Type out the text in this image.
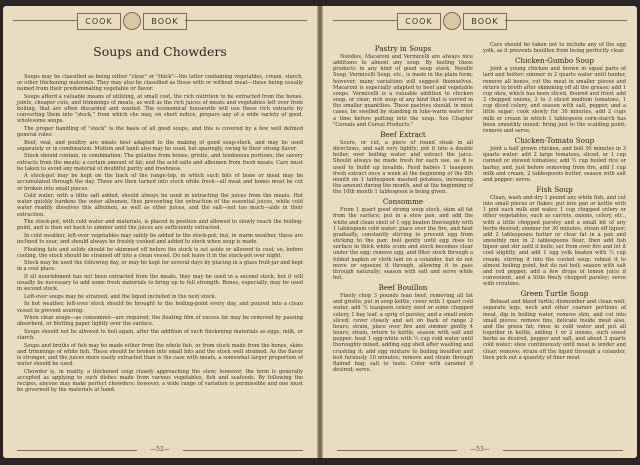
COOK	BOOK
Soups and Chowders

Soups may be classified as being either "clear" or "thick"—the latter containing vegetables, cream, starch, or other thickening materials. They may also be classified as those with or without meat—these being usually named from their predominating vegetable or flavor.

Soups afford a valuable means of utilizing, at small cost, the rich nutrition to be extracted from the bones, joints, cheaper cuts, and trimmings of meats, as well as the rich juices of meats and vegetables left over from boiling, that are often discarded and wasted. The economical housewife will use these rich extracts by converting them into "stock," from which she may, on short notice, prepare any of a wide variety of good, wholesome soups.

The proper handling of "stock" is the basis of all good soups, and this is covered by a few well defined general rules:

Beef, veal, and poultry are meats best adapted to the making of good soup-stock, and may be used separately or in combination. Mutton and lamb also may be used, but sparingly, owing to their strong flavor.

Stock should contain, in combination: The gelatine from bones, gristle, and tendonous portions; the savory extracts from the meats; a certain amount of fat; and the acid salts and albumen from fresh meats. Care must be taken to avoid any material of doubtful purity and freshness.

A stock-pot may be kept on the back of the range-top, in which such bits of bone or meat may be accumulated through the day. These are then turned into stock while fresh—all meat and bones must be cut or broken into small pieces.

Cold water, with a little salt added, should always be used in extracting the juices from the meats. Hot water quickly hardens the outer albumen, thus preventing the extraction of the essential juices, while cold water readily dissolves this albumen, as well as other juices, and the salt—not too much—aids in their extraction.

The stock-pot, with cold water and materials, is placed in position and allowed to slowly reach the boiling-point, and is then set back to simmer until the juices are sufficiently extracted.

In cold weather, left-over vegetables may safely be added to the stock-pot; but, in warm weather, these are inclined to sour, and should always be freshly cooked and added to stock when soup is made.

Floating fats and solids should be skimmed off before the stock is set aside or allowed to cool; so, before cooling, the stock should be strained off into a clean vessel. Do not leave it in the stock-pot over night.

Stock may be used the following day, or may be kept for several days by placing in a glass fruit-jar and kept in a cool place.

If all nourishment has not been extracted from the meats, they may be used in a second stock, but it will usually be necessary to add some fresh materials to bring up to full strength. Bones, especially, may be used in second stock.

Left-over soups may be strained, and the liquid included in the next stock.

In hot weather, left-over stock should be brought to the boiling-point every day, and poured into a clean vessel to prevent souring.

When clear soups—as consommé—are required, the floating film of excess fat may be removed by passing absorbent, or blotting paper lightly over the surface.

Soups should not be allowed to boil again, after the addition of such thickening materials as eggs, milk, or starch.

Soups and broths of fish may be made either from the whole fish, or from stock made from the bones, skins and trimmings of white fish. These should be broken into small bits and the stock well strained. As the flavor is stronger, and the juices more easily extracted than is the case with meats, a somewhat larger proportion of water should be used.

Chowder is, in reality, a thickened soup closely approaching the stew; however, the term is generally accepted as applying to such dishes made from various vegetables, fish and seafoods. By following the recipes, anyone may make perfect chowders; however, a wide range of variation is permissible and one must be governed by the materials at hand.

—52—
COOK	BOOK
Pastry in Soups

Noodles, Macaroni and Vermicelli are always nice additions to almost any soup. By boiling these products in any kind of good soup stock, Noodle Soup, Vermicelli Soup, etc., is made in the plain form; however, many variations will suggest themselves. Macaroni is especially adapted to beef and vegetable soups. Vermicelli is a valuable addition to chicken soup, or clear, rich soup of any kind that is served in the smaller quantities. These pastries should, in most cases, be swelled by standing in luke-warm water for a time before putting into the soup. See Chapter "Cereals and Cereal Products."

Beef Extract

Score, or cut, a piece of round steak in all directions, and salt very lightly; put it into a double boiler, over boiling water, and extract the juice. Should always be made fresh for each use, as it is used to build up invalids. Feed babies 1 teaspoon fresh extract once a week at the beginning of the 8th month on 1 tablespoon mashed potatoes, increasing the amount during the month, and at the beginning of the 10th month 1 tablespoon is being given.

Consomme

From 1 quart good strong soup stock, skim all fat from the surface; put in a stew pan, and add the white and clean shell of 1 egg beaten thoroughly with 1 tablespoon cold water; place over the fire, and heat gradually, constantly stirring to prevent egg from sticking to the pan; boil gently until egg rises to surface in thick white scum and stock becomes clear under the egg; remove egg, and filter stock through a folded napkin or cloth laid on a colander, but do not move or squeeze it through, allowing it to pass through naturally; season with salt and serve while hot.

Beef Bouillon

Finely chop 3 pounds lean beef, removing all fat and gristle; put in soup kettle, cover with 1 quart cold water, add ½ teaspoon celery seed or some chopped celery, 1 bay leaf, a sprig of parsley, and a small onion sliced; cover closely and set on back of range 2 hours; strain, place over fire and simmer gently 4 hours; strain, return to kettle, season with salt and pepper; beat 1 egg-white with ½ cup cold water until thoroughly mixed, adding egg shell after washing and crushing it; add egg mixture to boiling bouillon and boil furiously 10 minutes; remove and strain through flannel bag; salt to taste. Color with caramel if desired; serve.

Care should be taken not to include any of the egg yolk, as it prevents bouillon from being perfectly clear.

Chicken-Gumbo Soup

Joint a young chicken and brown in equal parts of lard and butter; simmer in 2 quarts water until tender, remove all bones, cut the meat in smaller pieces and return to broth after skimming off all the grease; add 1 cup okra, which has been sliced, floured and fried; add 2 chopped onions, 2 to 3 sliced medium tomatoes, 1 cup diced celery, and season with salt, pepper, and a little sugar; cook slowly for 30 minutes, add 2 cups milk or cream in which 1 tablespoon corn-starch has been smoothly mixed; bring just to the scalding point; remove and serve.

Chicken-Tomato Soup

Joint a half grown chicken, and boil 30 minutes in 3 quarts water; add 2 large tomatoes, sliced, or 1 cup canned or stewed tomatoes; add ½ cup boiled rice or barley, and, just before removing from fire, add 1 cup milk and cream, 2 tablespoons butter, season with salt and pepper; serve.

Fish Soup

Clean, wash and dry 1 pound any white fish, and cut into small pieces or flakes; put into pan or kettle with 1 pint each milk and water, 1 cup chopped celery or other vegetables, such as carrots, onions, celery, etc., with a little chopped parsley and a small bit of any herbs desired; simmer for 30 minutes, strain off liquor; add 2 tablespoons butter or clear fat in a pan and smoothly mix in 2 tablespoons flour, then add fish liquor and stir until it boils; set from over fire and let it cool slightly, and add 1 egg yolk beaten with ½ cup cream, stirring it into the cooled soup; reheat it to almost boiling point, but do not boil; season with salt and red pepper, add a few drops of lemon juice if convenient, and a little finely chopped parsley; serve with croutons.

Green Turtle Soup

Behead and bleed turtle; dismember and clean well; separate legs, neck and other coarser portions of meat, dip in boiling water, remove skin, and cut into small pieces; remove fins, delicate inside meat also, and the green fat; rinse in cold water and put all together in kettle, adding 1 or 2 onions, such sweet herbs as desired, pepper and salt, and about 3 quarts cold water; stew continuously until meat is tender and clear; remove; strain off the liquid through a colander, then pick out a quantity of finer meat

—53—
